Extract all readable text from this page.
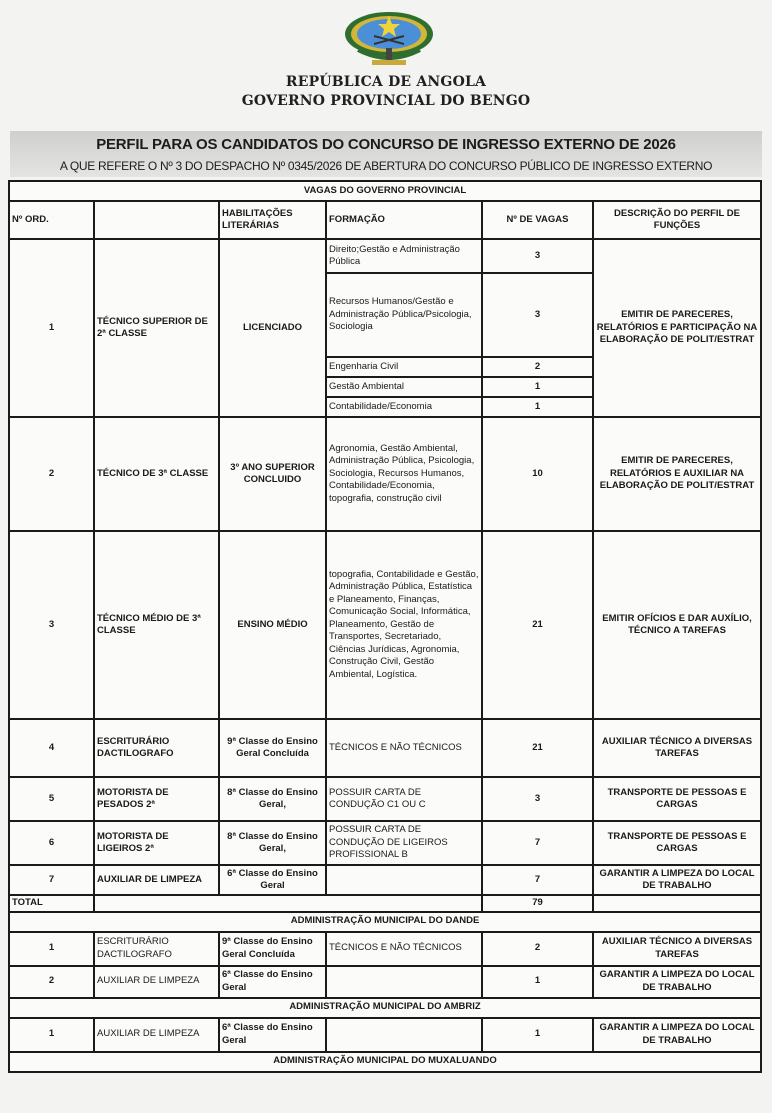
REPÚBLICA DE ANGOLA
GOVERNO PROVINCIAL DO BENGO
PERFIL PARA OS CANDIDATOS DO CONCURSO DE INGRESSO EXTERNO DE 2026
A QUE REFERE O Nº 3 DO DESPACHO Nº 0345/2026 DE ABERTURA DO CONCURSO PÚBLICO DE INGRESSO EXTERNO
VAGAS DO GOVERNO PROVINCIAL					
Nº ORD.		HABILITAÇÕES LITERÁRIAS	FORMAÇÃO	Nº DE VAGAS	DESCRIÇÃO DO PERFIL DE FUNÇÕES
1	TÉCNICO SUPERIOR DE 2ª CLASSE	LICENCIADO	Direito;Gestão e Administração Pública	3	EMITIR DE PARECERES, RELATÓRIOS E PARTICIPAÇÃO NA ELABORAÇÃO DE POLIT/ESTRAT
			Recursos Humanos/Gestão e Administração Pública/Psicologia, Sociologia	3	
			Engenharia Civil	2	
			Gestão Ambiental	1	
			Contabilidade/Economia	1	
2	TÉCNICO DE 3ª CLASSE	3º ANO SUPERIOR CONCLUIDO	Agronomia, Gestão Ambiental, Administração Pública, Psicologia, Sociologia, Recursos Humanos, Contabilidade/Economia, topografia, construção civil	10	EMITIR DE PARECERES, RELATÓRIOS E AUXILIAR NA ELABORAÇÃO DE POLIT/ESTRAT
3	TÉCNICO MÉDIO DE 3ª CLASSE	ENSINO MÉDIO	topografia, Contabilidade e Gestão, Administração Pública, Estatística e Planeamento, Finanças, Comunicação Social, Informática, Planeamento, Gestão de Transportes, Secretariado, Ciências Jurídicas, Agronomia, Construção Civil, Gestão Ambiental, Logística.	21	EMITIR OFÍCIOS E DAR AUXÍLIO, TÉCNICO A TAREFAS
4	ESCRITURÁRIO DACTILOGRAFO	9ª Classe do Ensino Geral Concluída	TÉCNICOS E NÃO TÉCNICOS	21	AUXILIAR TÉCNICO A DIVERSAS TAREFAS
5	MOTORISTA DE PESADOS 2ª	8ª Classe do Ensino Geral,	POSSUIR CARTA DE CONDUÇÃO C1 OU C	3	TRANSPORTE DE PESSOAS E CARGAS
6	MOTORISTA DE LIGEIROS 2ª	8ª Classe do Ensino Geral,	POSSUIR CARTA DE CONDUÇÃO DE LIGEIROS PROFISSIONAL B	7	TRANSPORTE DE PESSOAS E CARGAS
7	AUXILIAR DE LIMPEZA	6ª Classe do Ensino Geral		7	GARANTIR A LIMPEZA DO LOCAL DE TRABALHO
TOTAL				79	
ADMINISTRAÇÃO MUNICIPAL DO DANDE					
1	ESCRITURÁRIO DACTILOGRAFO	9ª Classe do Ensino Geral Concluída	TÉCNICOS E NÃO TÉCNICOS	2	AUXILIAR TÉCNICO A DIVERSAS TAREFAS
2	AUXILIAR DE LIMPEZA	6ª Classe do Ensino Geral		1	GARANTIR A LIMPEZA DO LOCAL DE TRABALHO
ADMINISTRAÇÃO MUNICIPAL DO AMBRIZ					
1	AUXILIAR DE LIMPEZA	6ª Classe do Ensino Geral		1	GARANTIR A LIMPEZA DO LOCAL DE TRABALHO
ADMINISTRAÇÃO MUNICIPAL DO MUXALUANDO					
